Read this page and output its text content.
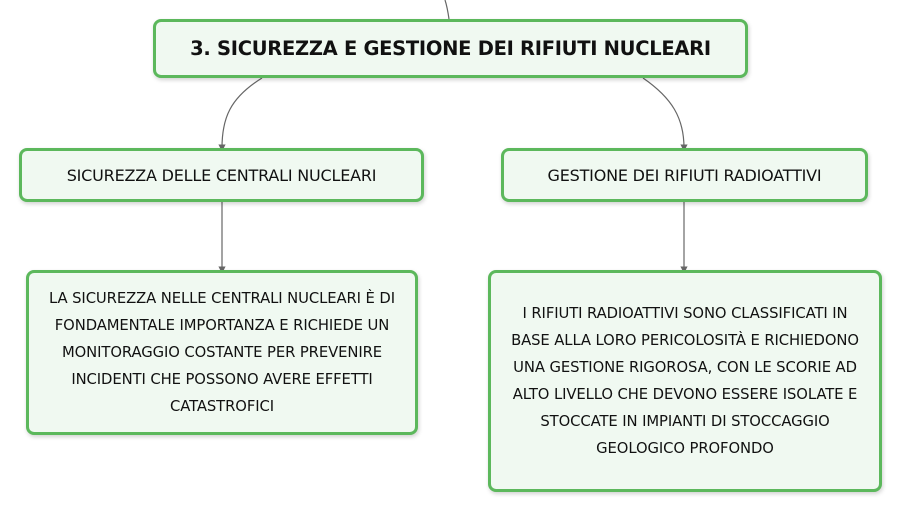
3. SICUREZZA E GESTIONE DEI RIFIUTI NUCLEARI
SICUREZZA DELLE CENTRALI NUCLEARI	GESTIONE DEI RIFIUTI RADIOATTIVI
LA SICUREZZA NELLE CENTRALI NUCLEARI È DI FONDAMENTALE IMPORTANZA E RICHIEDE UN MONITORAGGIO COSTANTE PER PREVENIRE INCIDENTI CHE POSSONO AVERE EFFETTI CATASTROFICI
I RIFIUTI RADIOATTIVI SONO CLASSIFICATI IN BASE ALLA LORO PERICOLOSITÀ E RICHIEDONO UNA GESTIONE RIGOROSA, CON LE SCORIE AD ALTO LIVELLO CHE DEVONO ESSERE ISOLATE E STOCCATE IN IMPIANTI DI STOCCAGGIO GEOLOGICO PROFONDO
